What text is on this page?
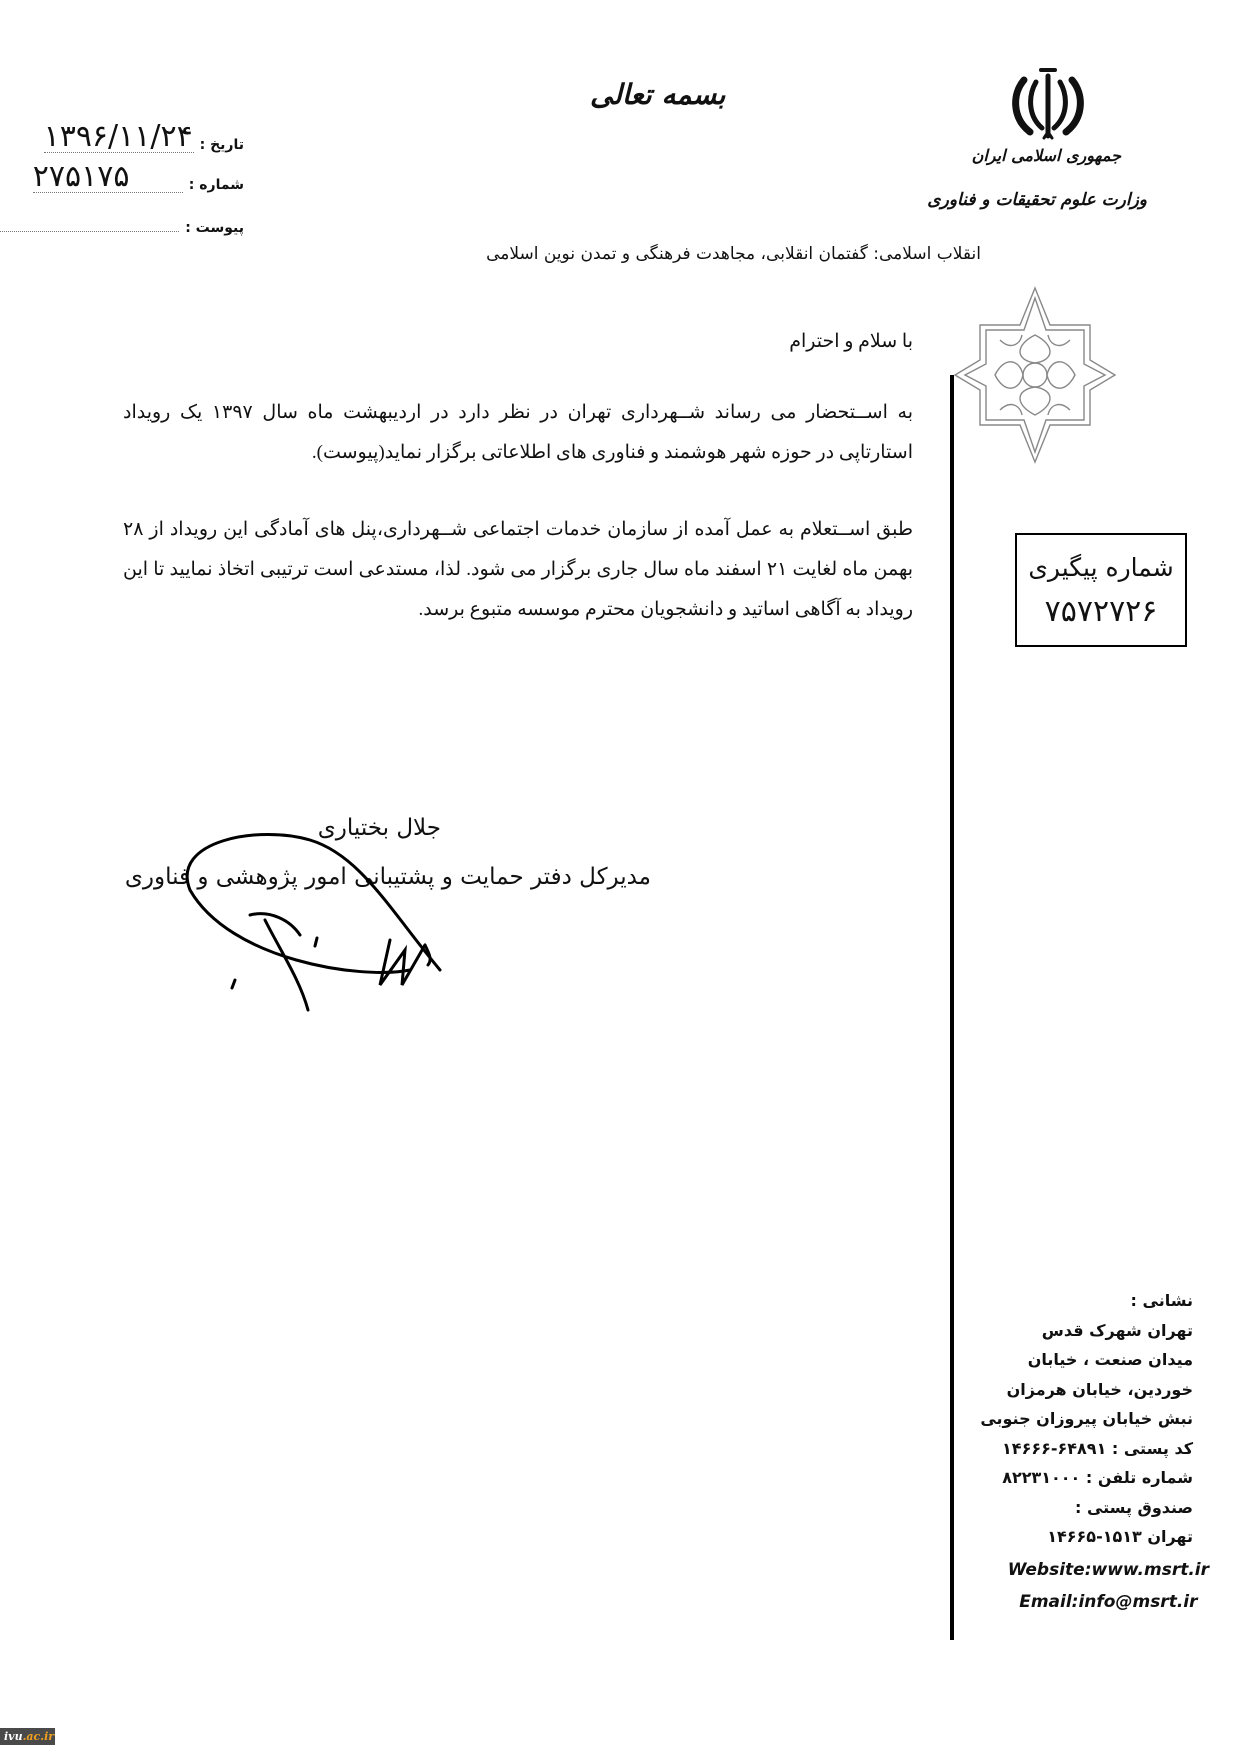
بسمه تعالی
جمهوری اسلامی ایران
وزارت علوم تحقیقات و فناوری
تاریخ :
۱۳۹۶/۱۱/۲۴
شماره :
۲۷۵۱۷۵
پیوست :
انقلاب اسلامی: گفتمان انقلابی، مجاهدت فرهنگی و تمدن نوین اسلامی
با سلام و احترام
به اســتحضار می رساند شــهرداری تهران در نظر دارد در اردیبهشت ماه سال ۱۳۹۷ یک رویداد استارتاپی در حوزه شهر هوشمند و فناوری های اطلاعاتی برگزار نماید(پیوست).
طبق اســتعلام به عمل آمده از سازمان خدمات اجتماعی شــهرداری،پنل های آمادگی این رویداد از ۲۸ بهمن ماه لغایت ۲۱ اسفند ماه سال جاری برگزار می شود. لذا، مستدعی است ترتیبی اتخاذ نمایید تا این رویداد به آگاهی اساتید و دانشجویان محترم موسسه متبوع برسد.
شماره پیگیری
۷۵۷۲۷۲۶
جلال بختیاری
مدیرکل دفتر حمایت و پشتیبانی امور پژوهشی و فناوری
نشانی :
تهران شهرک قدس
میدان صنعت ، خیابان
خوردین، خیابان هرمزان
نبش خیابان پیروزان جنوبی
کد پستی : ۶۴۸۹۱-۱۴۶۶۶
شماره تلفن : ۸۲۲۳۱۰۰۰
صندوق پستی :
تهران ۱۵۱۳-۱۴۶۶۵
Website:www.msrt.ir
Email:info@msrt.ir
ivu.ac.ir
